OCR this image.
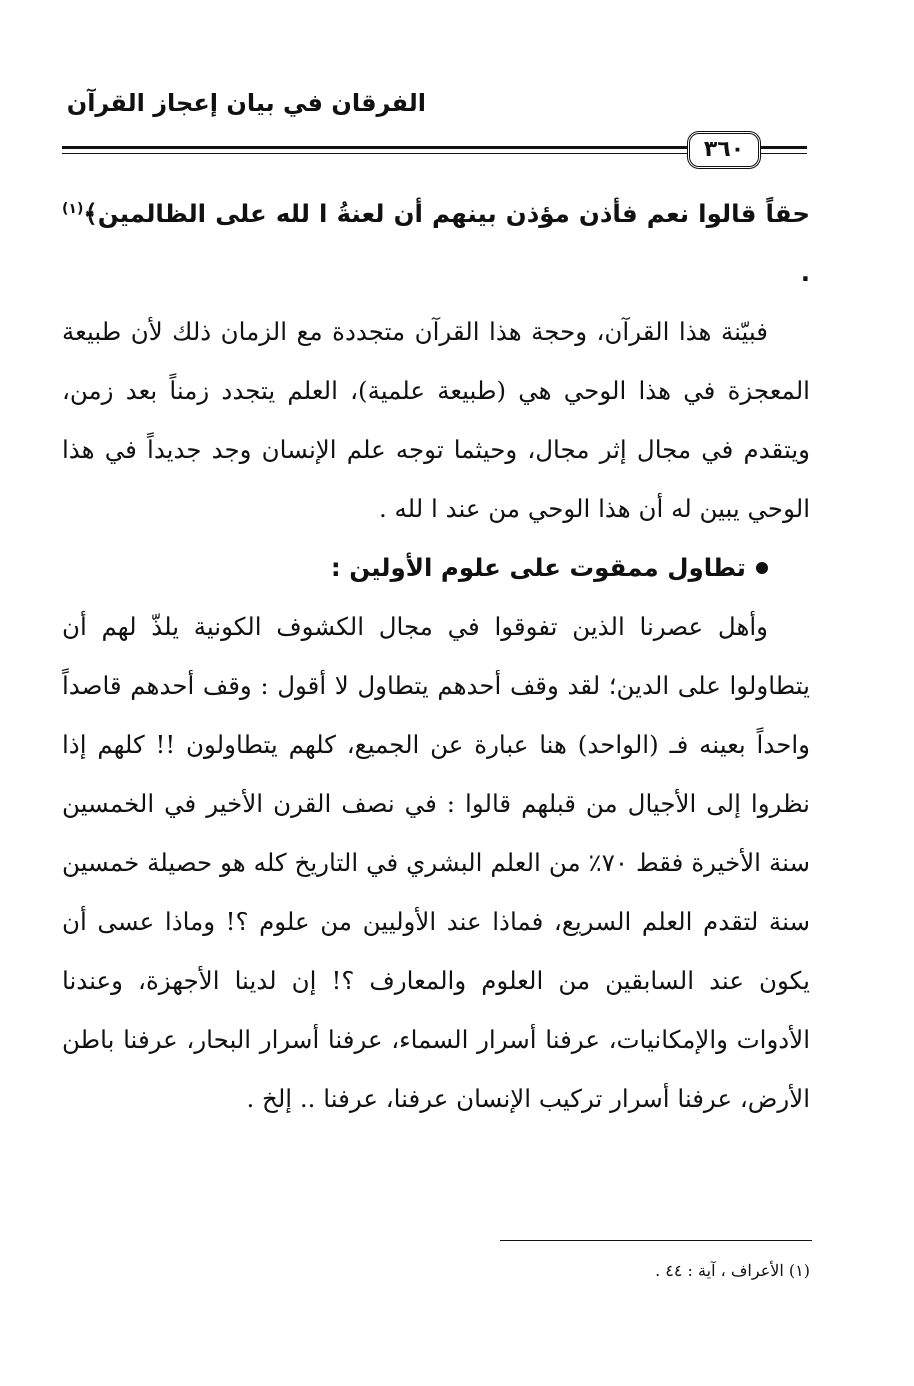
الفرقان في بيان إعجاز القرآن
٣٦٠

حقاً قالوا نعم فأذن مؤذن بينهم أن لعنةُ ا لله على الظالمين﴾$^{(١)}$ .

فبيّنة هذا القرآن، وحجة هذا القرآن متجددة مع الزمان ذلك لأن طبيعة المعجزة في هذا الوحي هي (طبيعة علمية)، العلم يتجدد زمناً بعد زمن، ويتقدم في مجال إثر مجال، وحيثما توجه علم الإنسان وجد جديداً في هذا الوحي يبين له أن هذا الوحي من عند ا لله .

تطاول ممقوت على علوم الأولين :

وأهل عصرنا الذين تفوقوا في مجال الكشوف الكونية يلذّ لهم أن يتطاولوا على الدين؛ لقد وقف أحدهم يتطاول لا أقول : وقف أحدهم قاصداً واحداً بعينه فـ (الواحد) هنا عبارة عن الجميع، كلهم يتطاولون !! كلهم إذا نظروا إلى الأجيال من قبلهم قالوا : في نصف القرن الأخير في الخمسين سنة الأخيرة فقط ٧٠٪ من العلم البشري في التاريخ كله هو حصيلة خمسين سنة لتقدم العلم السريع، فماذا عند الأوليين من علوم ؟! وماذا عسى أن يكون عند السابقين من العلوم والمعارف ؟! إن لدينا الأجهزة، وعندنا الأدوات والإمكانيات، عرفنا أسرار السماء، عرفنا أسرار البحار، عرفنا باطن الأرض، عرفنا أسرار تركيب الإنسان عرفنا، عرفنا .. إلخ .

(١) الأعراف ، آية : ٤٤ .
